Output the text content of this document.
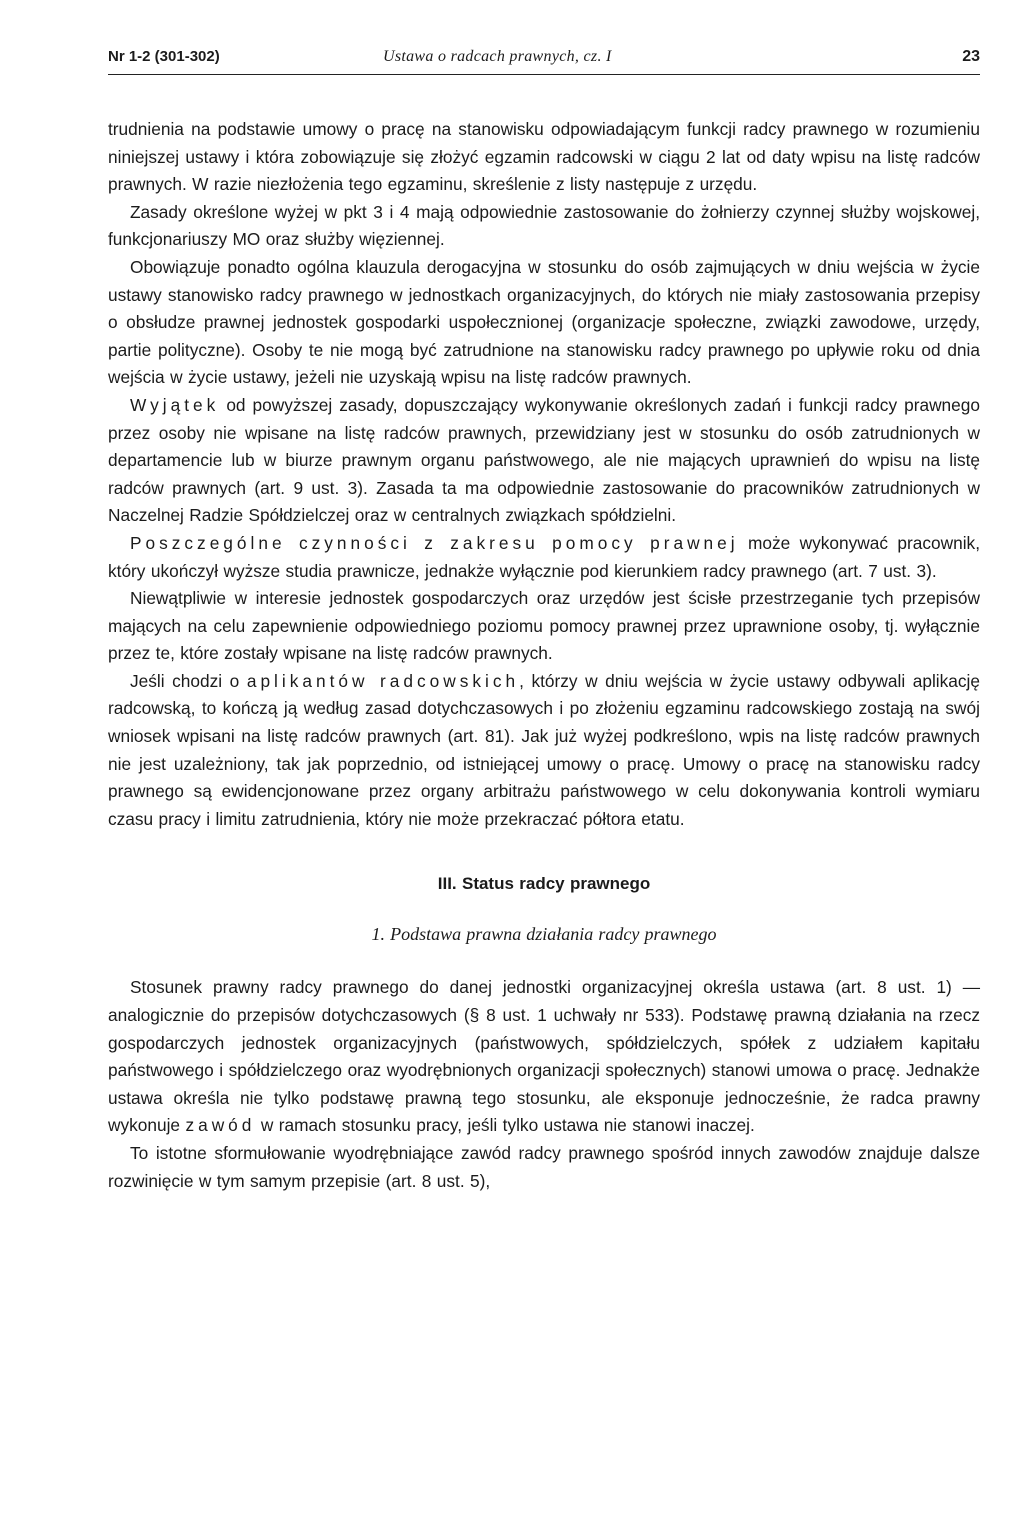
Nr 1-2 (301-302)	Ustawa o radcach prawnych, cz. I	23

trudnienia na podstawie umowy o pracę na stanowisku odpowiadającym funkcji radcy prawnego w rozumieniu niniejszej ustawy i która zobowiązuje się złożyć egzamin radcowski w ciągu 2 lat od daty wpisu na listę radców prawnych. W razie niezłożenia tego egzaminu, skreślenie z listy następuje z urzędu.

Zasady określone wyżej w pkt 3 i 4 mają odpowiednie zastosowanie do żołnierzy czynnej służby wojskowej, funkcjonariuszy MO oraz służby więziennej.

Obowiązuje ponadto ogólna klauzula derogacyjna w stosunku do osób zajmujących w dniu wejścia w życie ustawy stanowisko radcy prawnego w jednostkach organizacyjnych, do których nie miały zastosowania przepisy o obsłudze prawnej jednostek gospodarki uspołecznionej (organizacje społeczne, związki zawodowe, urzędy, partie polityczne). Osoby te nie mogą być zatrudnione na stanowisku radcy prawnego po upływie roku od dnia wejścia w życie ustawy, jeżeli nie uzyskają wpisu na listę radców prawnych.

Wyjątek od powyższej zasady, dopuszczający wykonywanie określonych zadań i funkcji radcy prawnego przez osoby nie wpisane na listę radców prawnych, przewidziany jest w stosunku do osób zatrudnionych w departamencie lub w biurze prawnym organu państwowego, ale nie mających uprawnień do wpisu na listę radców prawnych (art. 9 ust. 3). Zasada ta ma odpowiednie zastosowanie do pracowników zatrudnionych w Naczelnej Radzie Spółdzielczej oraz w centralnych związkach spółdzielni.

Poszczególne czynności z zakresu pomocy prawnej może wykonywać pracownik, który ukończył wyższe studia prawnicze, jednakże wyłącznie pod kierunkiem radcy prawnego (art. 7 ust. 3).

Niewątpliwie w interesie jednostek gospodarczych oraz urzędów jest ścisłe przestrzeganie tych przepisów mających na celu zapewnienie odpowiedniego poziomu pomocy prawnej przez uprawnione osoby, tj. wyłącznie przez te, które zostały wpisane na listę radców prawnych.

Jeśli chodzi o aplikantów radcowskich, którzy w dniu wejścia w życie ustawy odbywali aplikację radcowską, to kończą ją według zasad dotychczasowych i po złożeniu egzaminu radcowskiego zostają na swój wniosek wpisani na listę radców prawnych (art. 81). Jak już wyżej podkreślono, wpis na listę radców prawnych nie jest uzależniony, tak jak poprzednio, od istniejącej umowy o pracę. Umowy o pracę na stanowisku radcy prawnego są ewidencjonowane przez organy arbitrażu państwowego w celu dokonywania kontroli wymiaru czasu pracy i limitu zatrudnienia, który nie może przekraczać półtora etatu.

III. Status radcy prawnego
1. Podstawa prawna działania radcy prawnego

Stosunek prawny radcy prawnego do danej jednostki organizacyjnej określa ustawa (art. 8 ust. 1) — analogicznie do przepisów dotychczasowych (§ 8 ust. 1 uchwały nr 533). Podstawę prawną działania na rzecz gospodarczych jednostek organizacyjnych (państwowych, spółdzielczych, spółek z udziałem kapitału państwowego i spółdzielczego oraz wyodrębnionych organizacji społecznych) stanowi umowa o pracę. Jednakże ustawa określa nie tylko podstawę prawną tego stosunku, ale eksponuje jednocześnie, że radca prawny wykonuje zawód w ramach stosunku pracy, jeśli tylko ustawa nie stanowi inaczej.

To istotne sformułowanie wyodrębniające zawód radcy prawnego spośród innych zawodów znajduje dalsze rozwinięcie w tym samym przepisie (art. 8 ust. 5),
